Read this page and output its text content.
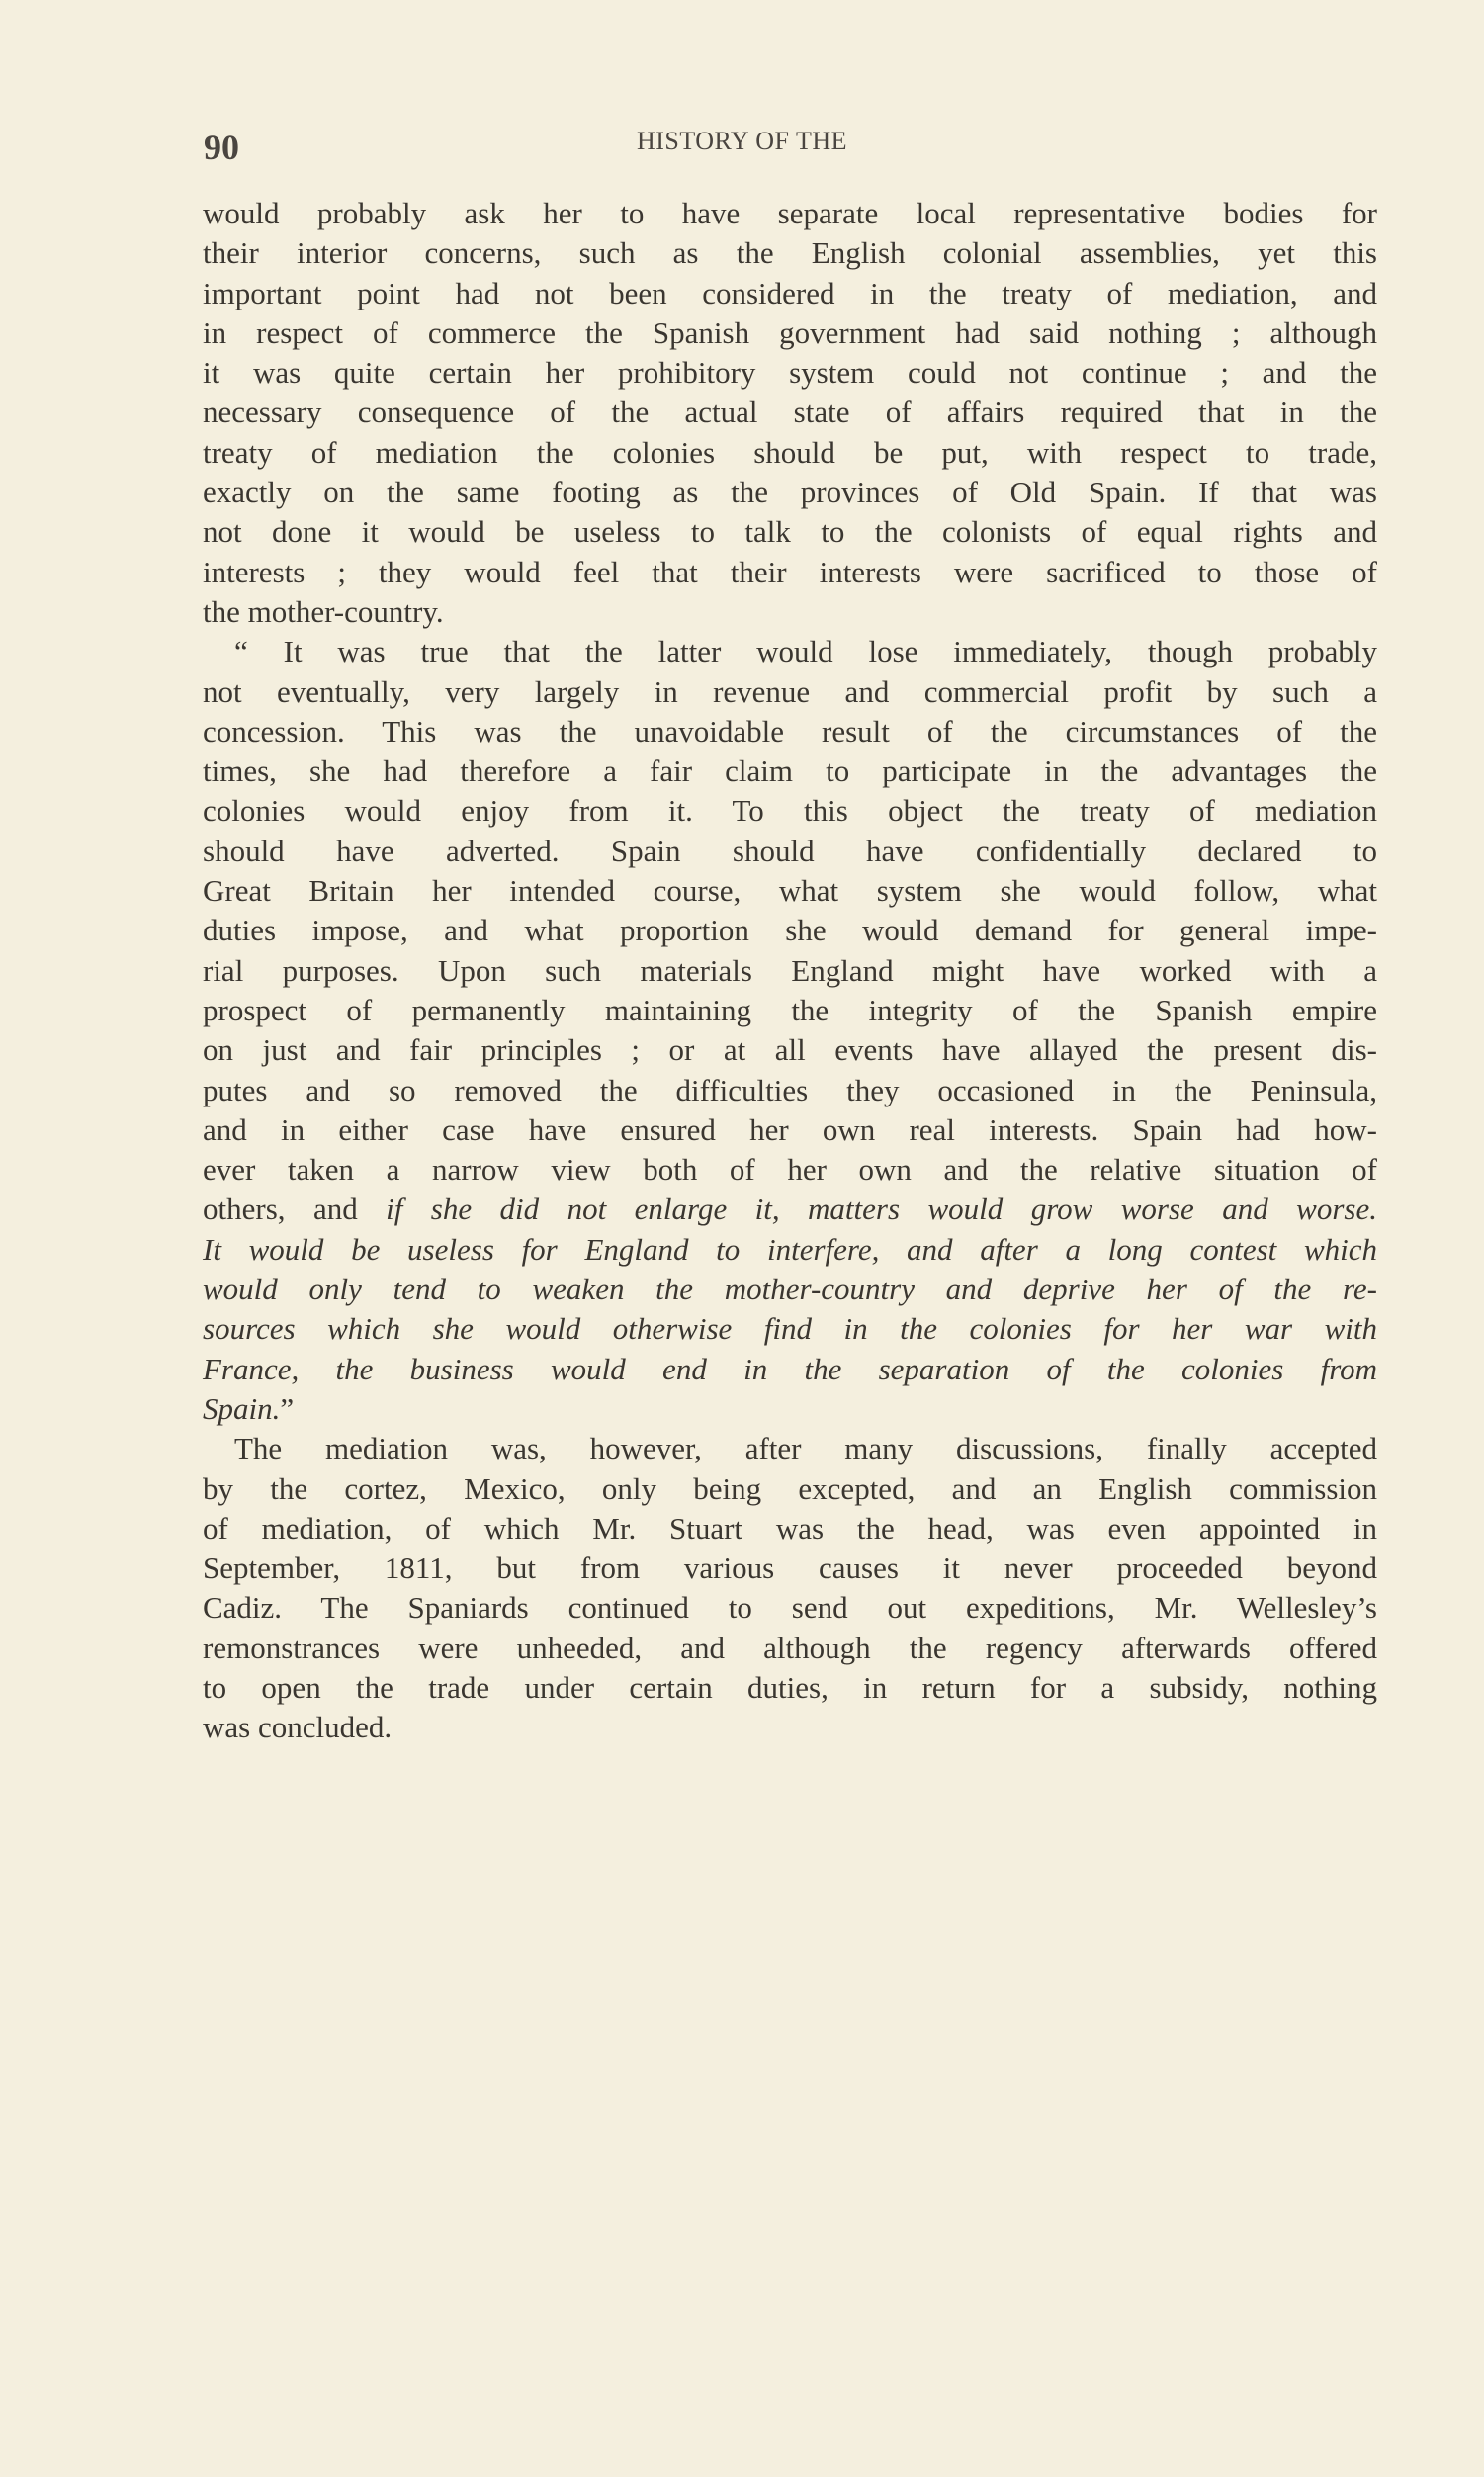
90	HISTORY OF THE
would probably ask her to have separate local representative bodies for
their interior concerns, such as the English colonial assemblies, yet this
important point had not been considered in the treaty of mediation, and
in respect of commerce the Spanish government had said nothing ; although
it was quite certain her prohibitory system could not continue ; and the
necessary consequence of the actual state of affairs required that in the
treaty of mediation the colonies should be put, with respect to trade,
exactly on the same footing as the provinces of Old Spain. If that was
not done it would be useless to talk to the colonists of equal rights and
interests ; they would feel that their interests were sacrificed to those of
the mother-country.
“ It was true that the latter would lose immediately, though probably
not eventually, very largely in revenue and commercial profit by such a
concession. This was the unavoidable result of the circumstances of the
times, she had therefore a fair claim to participate in the advantages the
colonies would enjoy from it. To this object the treaty of mediation
should have adverted. Spain should have confidentially declared to
Great Britain her intended course, what system she would follow, what
duties impose, and what proportion she would demand for general impe-
rial purposes. Upon such materials England might have worked with a
prospect of permanently maintaining the integrity of the Spanish empire
on just and fair principles ; or at all events have allayed the present dis-
putes and so removed the difficulties they occasioned in the Peninsula,
and in either case have ensured her own real interests. Spain had how-
ever taken a narrow view both of her own and the relative situation of
others, and if she did not enlarge it, matters would grow worse and worse.
It would be useless for England to interfere, and after a long contest which
would only tend to weaken the mother-country and deprive her of the re-
sources which she would otherwise find in the colonies for her war with
France, the business would end in the separation of the colonies from
Spain.”
The mediation was, however, after many discussions, finally accepted
by the cortez, Mexico, only being excepted, and an English commission
of mediation, of which Mr. Stuart was the head, was even appointed in
September, 1811, but from various causes it never proceeded beyond
Cadiz. The Spaniards continued to send out expeditions, Mr. Wellesley’s
remonstrances were unheeded, and although the regency afterwards offered
to open the trade under certain duties, in return for a subsidy, nothing
was concluded.
